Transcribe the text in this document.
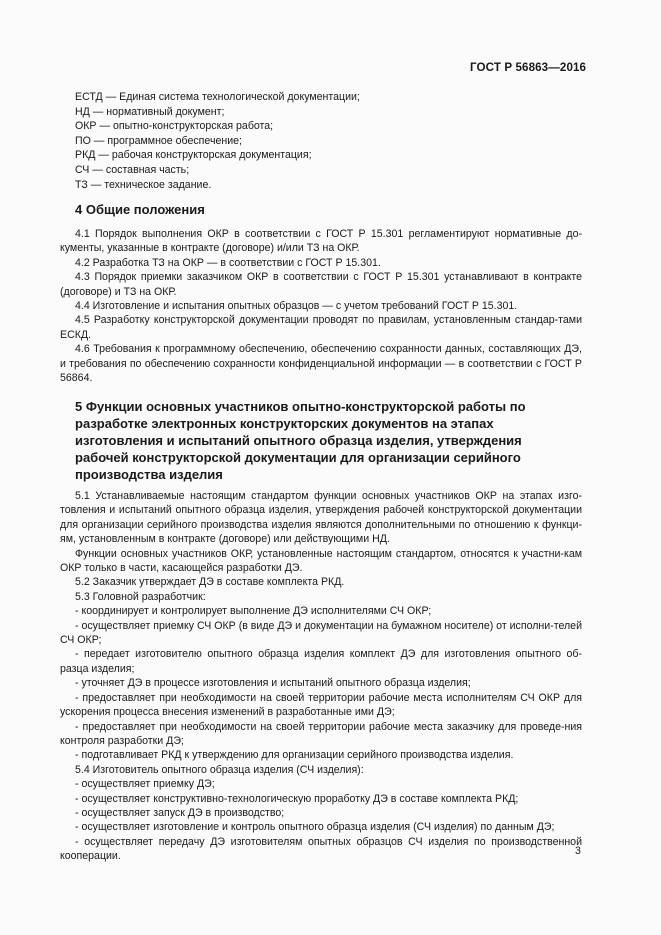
ГОСТ Р 56863—2016
ЕСТД — Единая система технологической документации;
НД — нормативный документ;
ОКР — опытно-конструкторская работа;
ПО — программное обеспечение;
РКД — рабочая конструкторская документация;
СЧ — составная часть;
ТЗ — техническое задание.
4 Общие положения

4.1 Порядок выполнения ОКР в соответствии с ГОСТ Р 15.301 регламентируют нормативные до-кументы, указанные в контракте (договоре) и/или ТЗ на ОКР.

4.2 Разработка ТЗ на ОКР — в соответствии с ГОСТ Р 15.301.

4.3 Порядок приемки заказчиком ОКР в соответствии с ГОСТ Р 15.301 устанавливают в контракте (договоре) и ТЗ на ОКР.

4.4 Изготовление и испытания опытных образцов — с учетом требований ГОСТ Р 15.301.

4.5 Разработку конструкторской документации проводят по правилам, установленным стандар-тами ЕСКД.

4.6 Требования к программному обеспечению, обеспечению сохранности данных, составляющих ДЭ, и требования по обеспечению сохранности конфиденциальной информации — в соответствии с ГОСТ Р 56864.

5 Функции основных участников опытно-конструкторской работы по разработке электронных конструкторских документов на этапах изготовления и испытаний опытного образца изделия, утверждения рабочей конструкторской документации для организации серийного производства изделия

5.1 Устанавливаемые настоящим стандартом функции основных участников ОКР на этапах изго-товления и испытаний опытного образца изделия, утверждения рабочей конструкторской документации для организации серийного производства изделия являются дополнительными по отношению к функци-ям, установленным в контракте (договоре) или действующими НД.

Функции основных участников ОКР, установленные настоящим стандартом, относятся к участни-кам ОКР только в части, касающейся разработки ДЭ.

5.2 Заказчик утверждает ДЭ в составе комплекта РКД.

5.3 Головной разработчик:

- координирует и контролирует выполнение ДЭ исполнителями СЧ ОКР;

- осуществляет приемку СЧ ОКР (в виде ДЭ и документации на бумажном носителе) от исполни-телей СЧ ОКР;

- передает изготовителю опытного образца изделия комплект ДЭ для изготовления опытного об-разца изделия;

- уточняет ДЭ в процессе изготовления и испытаний опытного образца изделия;

- предоставляет при необходимости на своей территории рабочие места исполнителям СЧ ОКР для ускорения процесса внесения изменений в разработанные ими ДЭ;

- предоставляет при необходимости на своей территории рабочие места заказчику для проведе-ния контроля разработки ДЭ;

- подготавливает РКД к утверждению для организации серийного производства изделия.

5.4 Изготовитель опытного образца изделия (СЧ изделия):

- осуществляет приемку ДЭ;

- осуществляет конструктивно-технологическую проработку ДЭ в составе комплекта РКД;

- осуществляет запуск ДЭ в производство;

- осуществляет изготовление и контроль опытного образца изделия (СЧ изделия) по данным ДЭ;

- осуществляет передачу ДЭ изготовителям опытных образцов СЧ изделия по производственной кооперации.	3
